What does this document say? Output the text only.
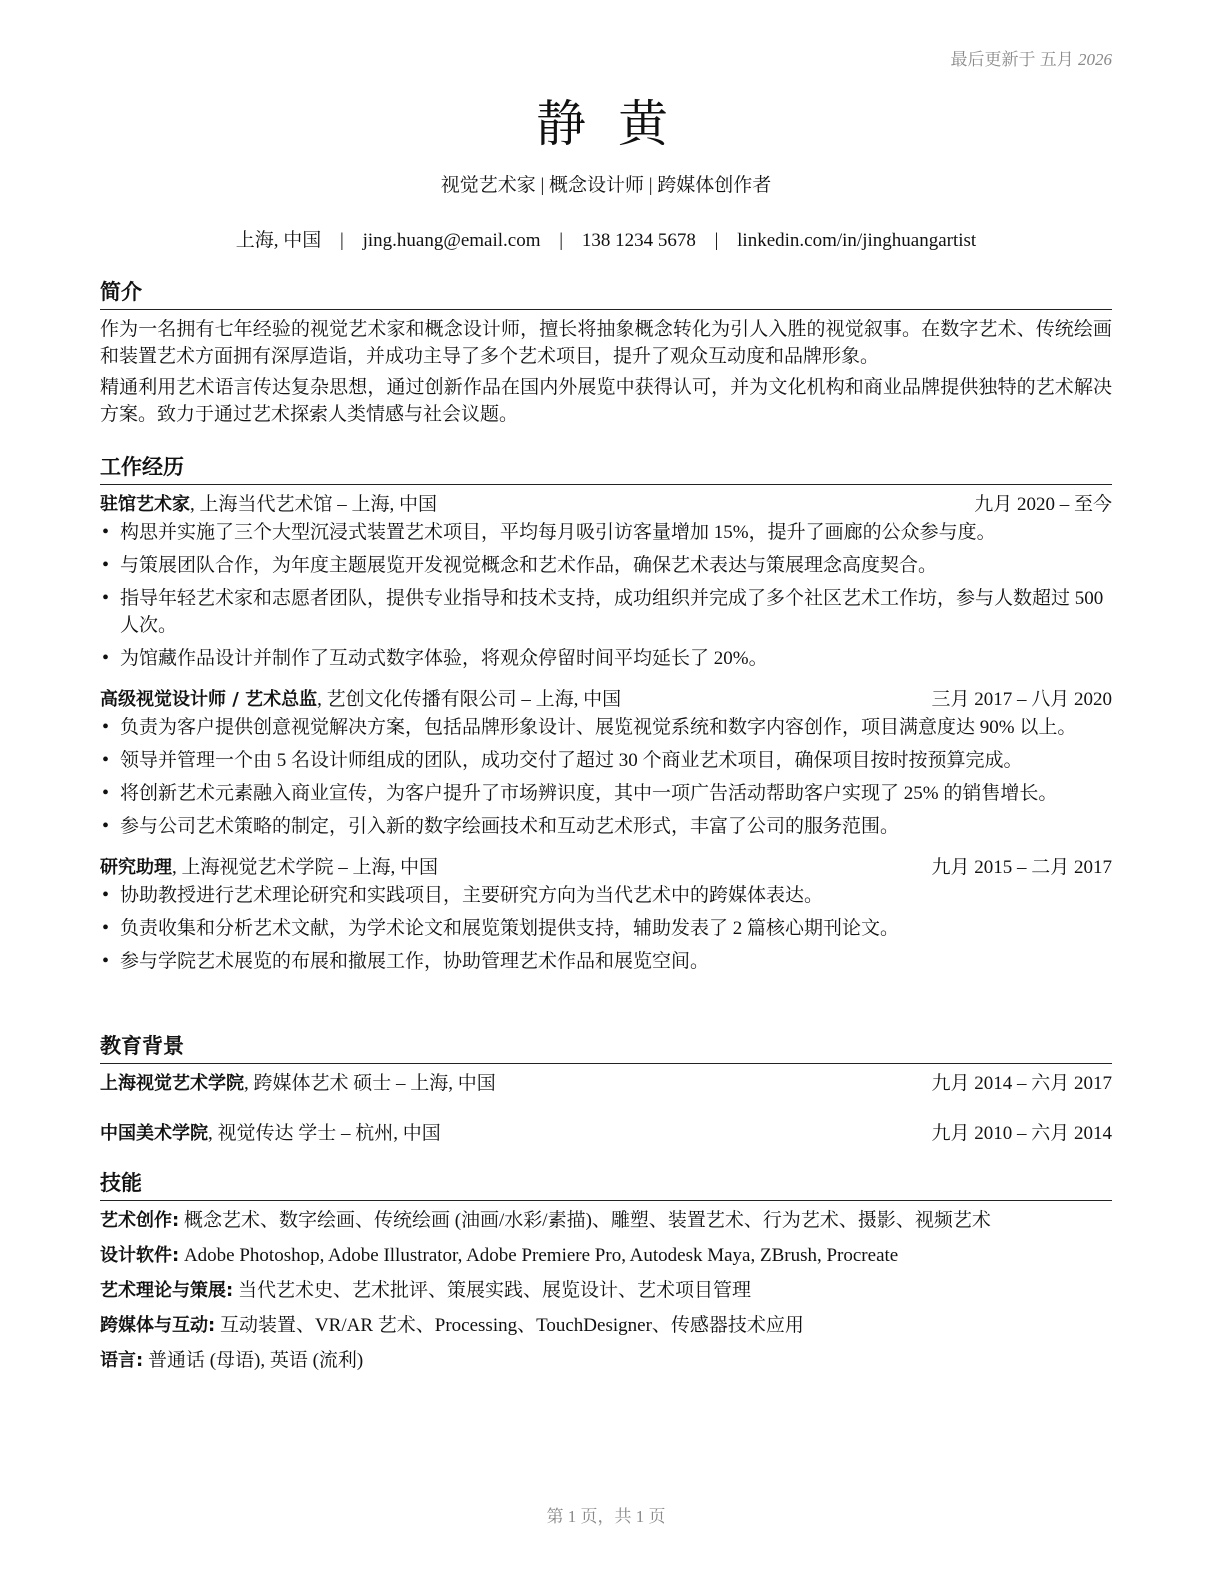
最后更新于 五月 2026
静 黄
视觉艺术家 | 概念设计师 | 跨媒体创作者
上海, 中国 | jing.huang@email.com | 138 1234 5678 | linkedin.com/in/jinghuangartist
简介
作为一名拥有七年经验的视觉艺术家和概念设计师，擅长将抽象概念转化为引人入胜的视觉叙事。在数字艺术、传统绘画和装置艺术方面拥有深厚造诣，并成功主导了多个艺术项目，提升了观众互动度和品牌形象。
精通利用艺术语言传达复杂思想，通过创新作品在国内外展览中获得认可，并为文化机构和商业品牌提供独特的艺术解决方案。致力于通过艺术探索人类情感与社会议题。
工作经历
驻馆艺术家, 上海当代艺术馆 – 上海, 中国	九月 2020 – 至今
• 构思并实施了三个大型沉浸式装置艺术项目，平均每月吸引访客量增加 15%，提升了画廊的公众参与度。
• 与策展团队合作，为年度主题展览开发视觉概念和艺术作品，确保艺术表达与策展理念高度契合。
• 指导年轻艺术家和志愿者团队，提供专业指导和技术支持，成功组织并完成了多个社区艺术工作坊，参与人数超过 500 人次。
• 为馆藏作品设计并制作了互动式数字体验，将观众停留时间平均延长了 20%。
高级视觉设计师 / 艺术总监, 艺创文化传播有限公司 – 上海, 中国	三月 2017 – 八月 2020
• 负责为客户提供创意视觉解决方案，包括品牌形象设计、展览视觉系统和数字内容创作，项目满意度达 90% 以上。
• 领导并管理一个由 5 名设计师组成的团队，成功交付了超过 30 个商业艺术项目，确保项目按时按预算完成。
• 将创新艺术元素融入商业宣传，为客户提升了市场辨识度，其中一项广告活动帮助客户实现了 25% 的销售增长。
• 参与公司艺术策略的制定，引入新的数字绘画技术和互动艺术形式，丰富了公司的服务范围。
研究助理, 上海视觉艺术学院 – 上海, 中国	九月 2015 – 二月 2017
• 协助教授进行艺术理论研究和实践项目，主要研究方向为当代艺术中的跨媒体表达。
• 负责收集和分析艺术文献，为学术论文和展览策划提供支持，辅助发表了 2 篇核心期刊论文。
• 参与学院艺术展览的布展和撤展工作，协助管理艺术作品和展览空间。
教育背景
上海视觉艺术学院, 跨媒体艺术 硕士 – 上海, 中国	九月 2014 – 六月 2017
中国美术学院, 视觉传达 学士 – 杭州, 中国	九月 2010 – 六月 2014
技能
艺术创作: 概念艺术、数字绘画、传统绘画 (油画/水彩/素描)、雕塑、装置艺术、行为艺术、摄影、视频艺术
设计软件: Adobe Photoshop, Adobe Illustrator, Adobe Premiere Pro, Autodesk Maya, ZBrush, Procreate
艺术理论与策展: 当代艺术史、艺术批评、策展实践、展览设计、艺术项目管理
跨媒体与互动: 互动装置、VR/AR 艺术、Processing、TouchDesigner、传感器技术应用
语言: 普通话 (母语), 英语 (流利)
第 1 页，共 1 页
